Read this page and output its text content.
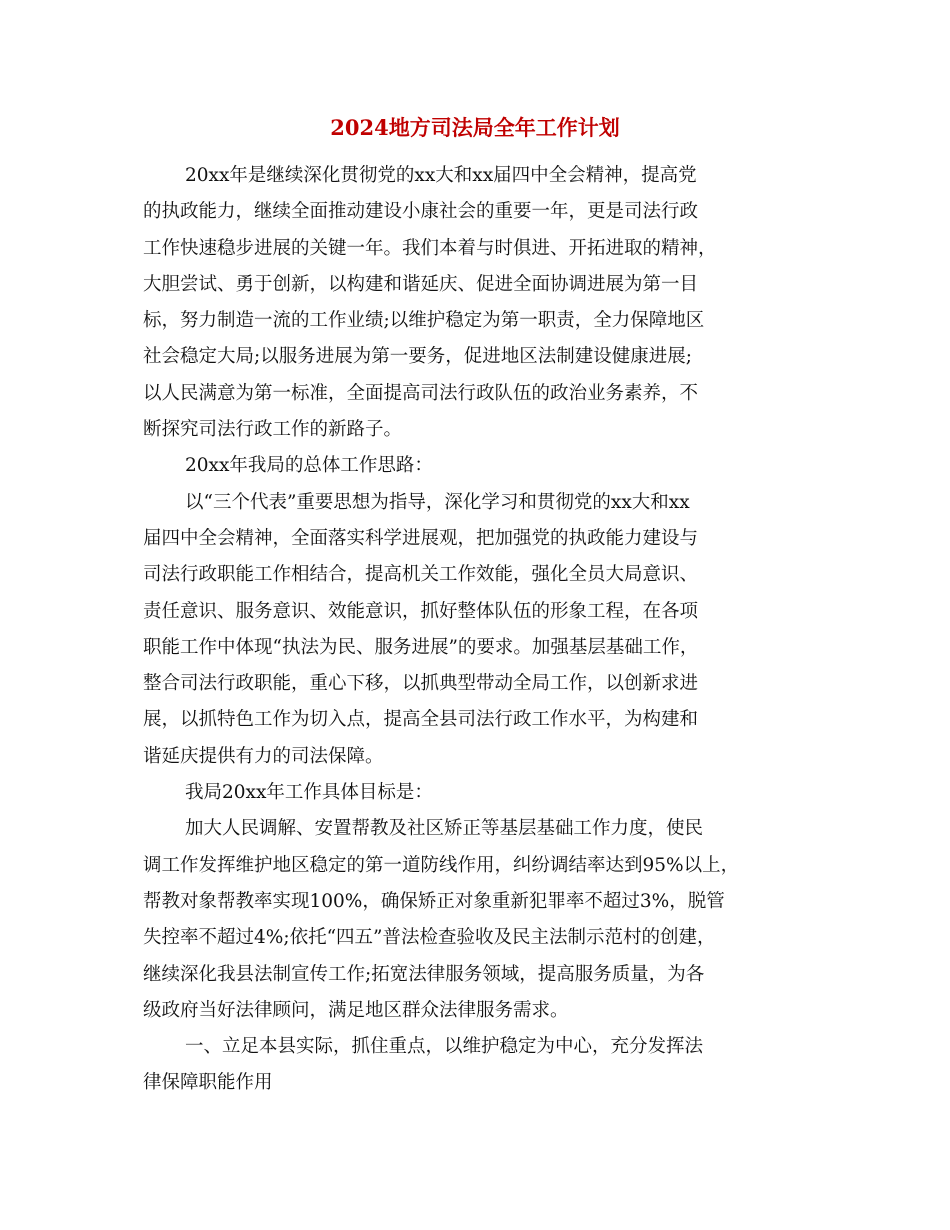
2024地方司法局全年工作计划
20xx年是继续深化贯彻党的xx大和xx届四中全会精神，提高党
的执政能力，继续全面推动建设小康社会的重要一年，更是司法行政
工作快速稳步进展的关键一年。我们本着与时俱进、开拓进取的精神，
大胆尝试、勇于创新，以构建和谐延庆、促进全面协调进展为第一目
标，努力制造一流的工作业绩;以维护稳定为第一职责，全力保障地区
社会稳定大局;以服务进展为第一要务，促进地区法制建设健康进展;
以人民满意为第一标准，全面提高司法行政队伍的政治业务素养，不
断探究司法行政工作的新路子。
20xx年我局的总体工作思路：
以“三个代表”重要思想为指导，深化学习和贯彻党的xx大和xx
届四中全会精神，全面落实科学进展观，把加强党的执政能力建设与
司法行政职能工作相结合，提高机关工作效能，强化全员大局意识、
责任意识、服务意识、效能意识，抓好整体队伍的形象工程，在各项
职能工作中体现“执法为民、服务进展”的要求。加强基层基础工作，
整合司法行政职能，重心下移，以抓典型带动全局工作，以创新求进
展，以抓特色工作为切入点，提高全县司法行政工作水平，为构建和
谐延庆提供有力的司法保障。
我局20xx年工作具体目标是：
加大人民调解、安置帮教及社区矫正等基层基础工作力度，使民
调工作发挥维护地区稳定的第一道防线作用，纠纷调结率达到95%以上，
帮教对象帮教率实现100%，确保矫正对象重新犯罪率不超过3%，脱管
失控率不超过4%;依托“四五”普法检查验收及民主法制示范村的创建，
继续深化我县法制宣传工作;拓宽法律服务领域，提高服务质量，为各
级政府当好法律顾问，满足地区群众法律服务需求。
一、立足本县实际，抓住重点，以维护稳定为中心，充分发挥法
律保障职能作用
